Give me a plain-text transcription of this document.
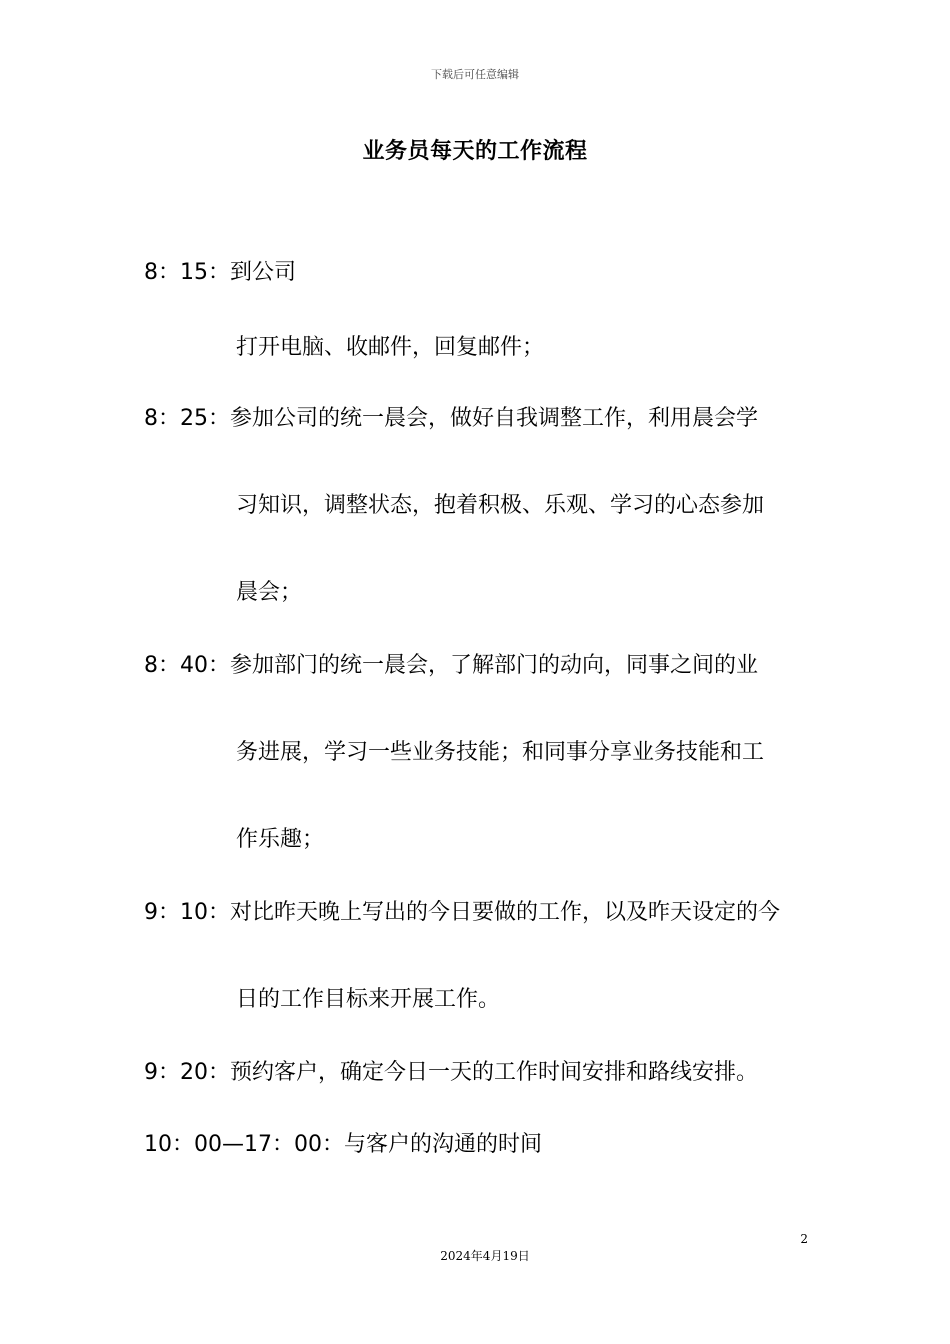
下载后可任意编辑
业务员每天的工作流程
8：15：到公司
打开电脑、收邮件，回复邮件；
8：25：参加公司的统一晨会，做好自我调整工作，利用晨会学
习知识，调整状态，抱着积极、乐观、学习的心态参加
晨会；
8：40：参加部门的统一晨会，了解部门的动向，同事之间的业
务进展，学习一些业务技能；和同事分享业务技能和工
作乐趣；
9：10：对比昨天晚上写出的今日要做的工作，以及昨天设定的今
日的工作目标来开展工作。
9：20：预约客户，确定今日一天的工作时间安排和路线安排。
10：00—17：00：与客户的沟通的时间
2
2024年4月19日
